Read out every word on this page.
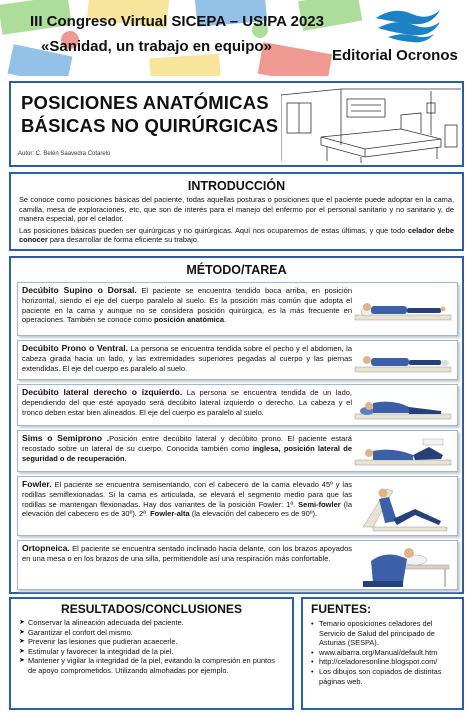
III Congreso Virtual SICEPA – USIPA 2023
«Sanidad, un trabajo en equipo»
Editorial Ocronos
POSICIONES ANATÓMICAS
BÁSICAS NO QUIRÚRGICAS
Autor: C. Belén Saavedra Cotarelo
INTRODUCCIÓN
Se conoce como posiciones básicas del paciente, todas aquellas posturas o posiciones que el paciente puede adoptar en la cama, camilla, mesa de exploraciones, etc, que son de interés para el manejo del enfermo por el personal sanitario y no sanitario y, de manera especial, por el celador.
Las posiciones básicas pueden ser quirúrgicas y no quirúrgicas. Aquí nos ocuparemos de estas últimas, y que todo celador debe conocer para desarrollar de forma eficiente su trabajo.
MÉTODO/TAREA
Decúbito Supino o Dorsal. El paciente se encuentra tendido boca arriba, en posición horizontal, siendo el eje del cuerpo paralelo al suelo. Es la posición más común que adopta el paciente en la cama y aunque no se considera posición quirúrgica, es la más frecuente en operaciones. También se conoce como posición anatómica.
Decúbito Prono o Ventral. La persona se encuentra tendida sobre el pecho y el abdomen, la cabeza girada hacia un lado, y las extremidades superiores pegadas al cuerpo y las piernas extendidas. El eje del cuerpo es paralelo al suelo.
Decúbito lateral derecho o izquierdo. La persona se encuentra tendida de un lado, dependiendo del que esté apoyado será decúbito lateral izquierdo o derecho. La cabeza y el tronco deben estar bien alineados. El eje del cuerpo es paralelo al suelo.
Sims o Semiprono .Posición entre decúbito lateral y decúbito prono. El paciente estará recostado sobre un lateral de su cuerpo. Conocida también como inglesa, posición lateral de seguridad o de recuperación.
Fowler. El paciente se encuentra semisentando, con el cabecero de la cama elevado 45º y las rodillas semiflexionadas. Si la cama es articulada, se elevará el segmento medio para que las rodillas se mantengan flexionadas. Hay dos variantes de la posición Fowler: 1ª. Semi-fowler (la elevación del cabecero es de 30º). 2ª. Fowler-alta (la elevación del cabecero es de 90º).
Ortopneica. El paciente se encuentra sentado inclinado hacia delante, con los brazos apoyados en una mesa o en los brazos de una silla, permitiendole así una respiración más confortable.
RESULTADOS/CONCLUSIONES
➤ Conservar la alineación adecuada del paciente.
➤ Garantizar el confort del mismo.
➤ Prevenir las lesiones que pudieran acaecerle.
➤ Estimular y favorecer la integridad de la piel.
➤ Mantener y vigilar la integridad de la piel, evitando la compresión en puntos de apoyo comprometidos. Utilizando almohadas por ejemplo.
FUENTES:
• Temario oposiciones celadores del Servicio de Salud del principado de Asturias (SESPA).
• www.aibarra.org/Manual/default.htm
• http://celadoresonline.blogspot.com/
• Los dibujos son copiados de distintas páginas web.
